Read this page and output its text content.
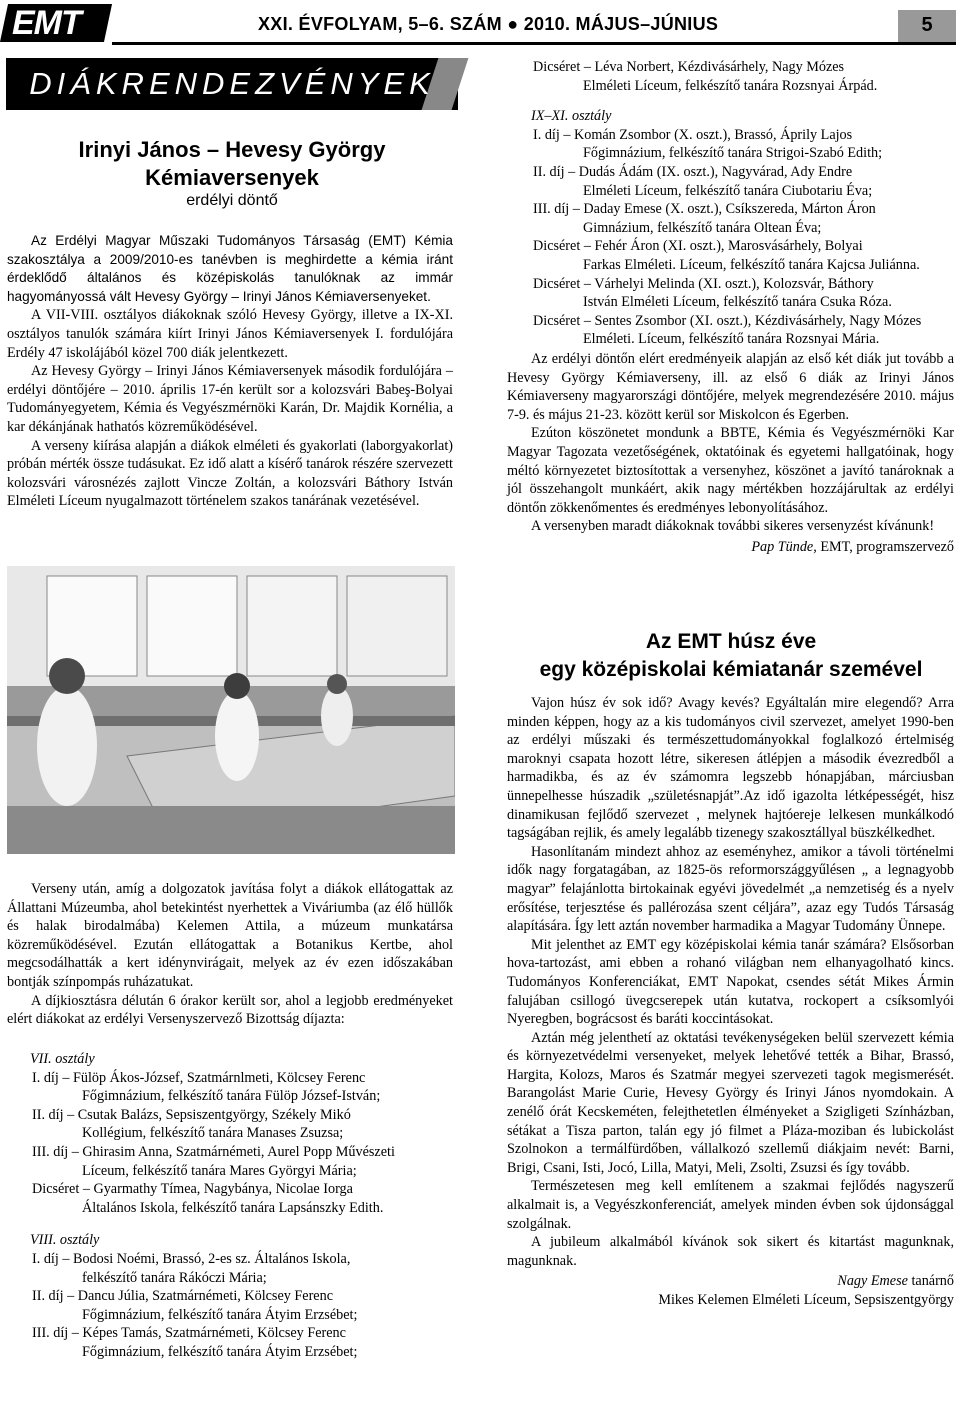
EMT	XXI. ÉVFOLYAM, 5–6. SZÁM ● 2010. MÁJUS–JÚNIUS	5
DIÁKRENDEZVÉNYEK
Irinyi János – Hevesy György
Kémiaversenyek
erdélyi döntő

Az Erdélyi Magyar Műszaki Tudományos Társaság (EMT) Kémia szakosztálya a 2009/2010-es tanévben is meghirdette a kémia iránt érdeklődő általános és középiskolás tanulóknak az immár hagyományossá vált Hevesy György – Irinyi János Kémiaversenyeket.

A VII-VIII. osztályos diákoknak szóló Hevesy György, illetve a IX-XI. osztályos tanulók számára kiírt Irinyi János Kémiaversenyek I. fordulójára Erdély 47 iskolájából közel 700 diák jelentkezett.

Az Hevesy György – Irinyi János Kémiaversenyek második fordulójára – erdélyi döntőjére – 2010. április 17-én került sor a kolozsvári Babeş-Bolyai Tudományegyetem, Kémia és Vegyészmérnöki Karán, Dr. Majdik Kornélia, a kar dékánjának hathatós közreműködésével.

A verseny kiírása alapján a diákok elméleti és gyakorlati (laborgyakorlat) próbán mérték össze tudásukat. Ez idő alatt a kísérő tanárok részére szervezett kolozsvári városnézés zajlott Vincze Zoltán, a kolozsvári Báthory István Elméleti Líceum nyugalmazott történelem szakos tanárának vezetésével.

Verseny után, amíg a dolgozatok javítása folyt a diákok ellátogattak az Állattani Múzeumba, ahol betekintést nyerhettek a Viváriumba (az élő hüllők és halak birodalmába) Kelemen Attila, a múzeum munkatársa közreműködésével. Ezután ellátogattak a Botanikus Kertbe, ahol megcsodálhatták a kert idénynvirágait, melyek az év ezen időszakában bontják színpompás ruházatukat.

A díjkiosztásra délután 6 órakor került sor, ahol a legjobb eredményeket elért diákokat az erdélyi Versenyszervező Bizottság díjazta:

VII. osztály
I. díj – Fülöp Ákos-József, Szatmárnlmeti, Kölcsey Ferenc
Főgimnázium, felkészítő tanára Fülöp József-István;
II. díj – Csutak Balázs, Sepsiszentgyörgy, Székely Mikó
Kollégium, felkészítő tanára Manases Zsuzsa;
III. díj – Ghirasim Anna, Szatmárnémeti, Aurel Popp Művészeti
Líceum, felkészítő tanára Mares Györgyi Mária;
Dicséret – Gyarmathy Tímea, Nagybánya, Nicolae Iorga
Általános Iskola, felkészítő tanára Lapsánszky Edith.
VIII. osztály
I. díj – Bodosi Noémi, Brassó, 2-es sz. Általános Iskola,
felkészítő tanára Rákóczi Mária;
II. díj – Dancu Júlia, Szatmárnémeti, Kölcsey Ferenc
Főgimnázium, felkészítő tanára Átyim Erzsébet;
III. díj – Képes Tamás, Szatmárnémeti, Kölcsey Ferenc
Főgimnázium, felkészítő tanára Átyim Erzsébet;
Dicséret – Léva Norbert, Kézdivásárhely, Nagy Mózes
Elméleti Líceum, felkészítő tanára Rozsnyai Árpád.
IX–XI. osztály
I. díj – Komán Zsombor (X. oszt.), Brassó, Áprily Lajos
Főgimnázium, felkészítő tanára Strigoi-Szabó Edith;
II. díj – Dudás Ádám (IX. oszt.), Nagyvárad, Ady Endre
Elméleti Líceum, felkészítő tanára Ciubotariu Éva;
III. díj – Daday Emese (X. oszt.), Csíkszereda, Márton Áron
Gimnázium, felkészítő tanára Oltean Éva;
Dicséret – Fehér Áron (XI. oszt.), Marosvásárhely, Bolyai
Farkas Elméleti. Líceum, felkészítő tanára Kajcsa Juliánna.
Dicséret – Várhelyi Melinda (XI. oszt.), Kolozsvár, Báthory
István Elméleti Líceum, felkészítő tanára Csuka Róza.
Dicséret – Sentes Zsombor (XI. oszt.), Kézdivásárhely, Nagy Mózes
Elméleti. Líceum, felkészítő tanára Rozsnyai Mária.

Az erdélyi döntőn elért eredményeik alapján az első két diák jut tovább a Hevesy György Kémiaverseny, ill. az első 6 diák az Irinyi János Kémiaverseny magyarországi döntőjére, melyek megrendezésére 2010. május 7-9. és május 21-23. között kerül sor Miskolcon és Egerben.

Ezúton köszönetet mondunk a BBTE, Kémia és Vegyészmérnöki Kar Magyar Tagozata vezetőségének, oktatóinak és egyetemi hallgatóinak, hogy méltó környezetet biztosítottak a versenyhez, köszönet a javító tanároknak a jól összehangolt munkáért, akik nagy mértékben hozzájárultak az erdélyi döntőn zökkenőmentes és eredményes lebonyolításához.

A versenyben maradt diákoknak további sikeres versenyzést kívánunk!

Pap Tünde, EMT, programszervező
Az EMT húsz éve
egy középiskolai kémiatanár szemével

Vajon húsz év sok idő? Avagy kevés? Egyáltalán mire elegendő? Arra minden képpen, hogy az a kis tudományos civil szervezet, amelyet 1990-ben az erdélyi műszaki és természettudományokkal foglalkozó értelmiség maroknyi csapata hozott létre, sikeresen átlépjen a második évezredből a harmadikba, és az év számomra legszebb hónapjában, márciusban ünnepelhesse húszadik „születésnapját”.Az idő igazolta létképességét, hisz dinamikusan fejlődő szervezet , melynek hajtóereje lelkesen munkálkodó tagságában rejlik, és amely legalább tizenegy szakosztállyal büszkélkedhet.

Hasonlítanám mindezt ahhoz az eseményhez, amikor a távoli történelmi idők nagy forgatagában, az 1825-ös reformországgyűlésen „ a legnagyobb magyar” felajánlotta birtokainak egyévi jövedelmét „a nemzetiség és a nyelv erősítése, terjesztése és pallérozása szent céljára”, azaz egy Tudós Társaság alapítására. Így lett aztán november harmadika a Magyar Tudomány Ünnepe.

Mit jelenthet az EMT egy középiskolai kémia tanár számára? Elsősorban hova-tartozást, ami ebben a rohanó világban nem elhanyagolható kincs. Tudományos Konferenciákat, EMT Napokat, csendes sétát Mikes Ármin falujában csillogó üvegcserepek után kutatva, rockopert a csíksomlyói Nyeregben, bográcsost és baráti koccintásokat.

Aztán még jelenthetí az oktatási tevékenységeken belül szervezett kémia és környezetvédelmi versenyeket, melyek lehetővé tették a Bihar, Brassó, Hargita, Kolozs, Maros és Szatmár megyei szervezeti tagok megismerését. Barangolást Marie Curie, Hevesy György és Irinyi János nyomdokain. A zenélő órát Kecskeméten, felejthetetlen élményeket a Szigligeti Színházban, sétákat a Tisza parton, talán egy jó filmet a Pláza-moziban és lubickolást Szolnokon a termálfürdőben, vállalkozó szellemű diákjaim nevét: Barni, Brigi, Csani, Isti, Jocó, Lilla, Matyi, Meli, Zsolti, Zsuzsi és így tovább.

Természetesen meg kell említenem a szakmai fejlődés nagyszerű alkalmait is, a Vegyészkonferenciát, amelyek minden évben sok újdonsággal szolgálnak.

A jubileum alkalmából kívánok sok sikert és kitartást magunknak, magunknak.

Nagy Emese tanárnő
Mikes Kelemen Elméleti Líceum, Sepsiszentgyörgy
